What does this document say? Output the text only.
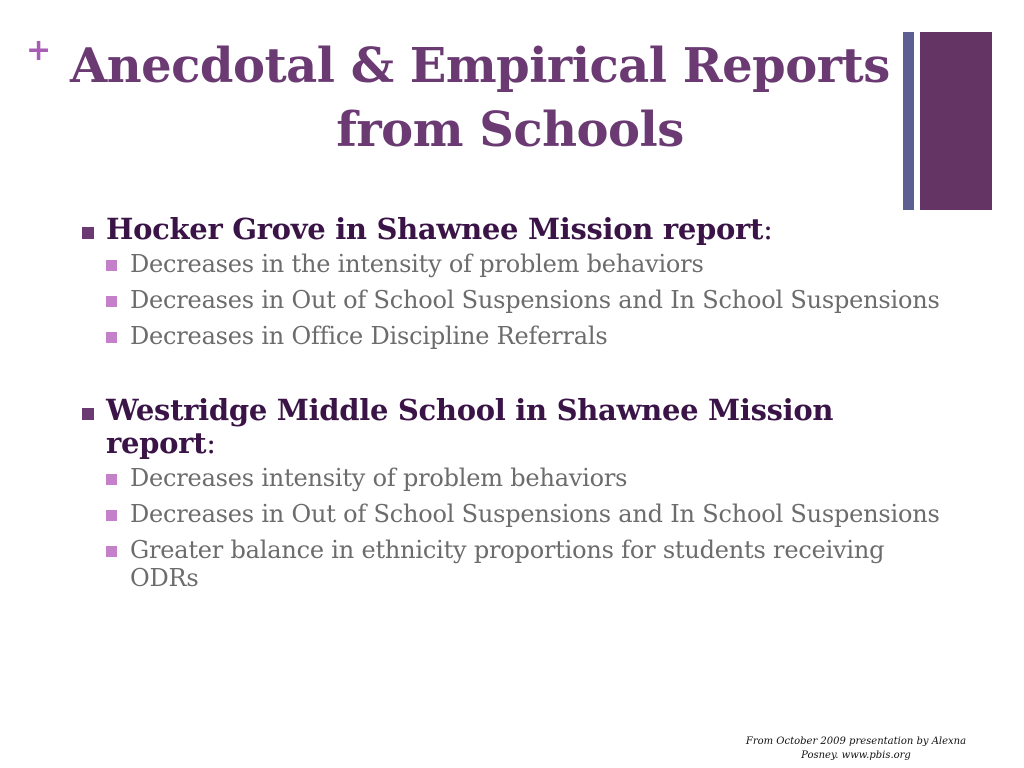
+ Anecdotal & Empirical Reports
from Schools
Hocker Grove in Shawnee Mission report:
Decreases in the intensity of problem behaviors
Decreases in Out of School Suspensions and In School Suspensions
Decreases in Office Discipline Referrals
Westridge Middle School in Shawnee Mission report:
Decreases intensity of problem behaviors
Decreases in Out of School Suspensions and In School Suspensions
Greater balance in ethnicity proportions for students receiving ODRs
From October 2009 presentation by Alexna
Posney. www.pbis.org
